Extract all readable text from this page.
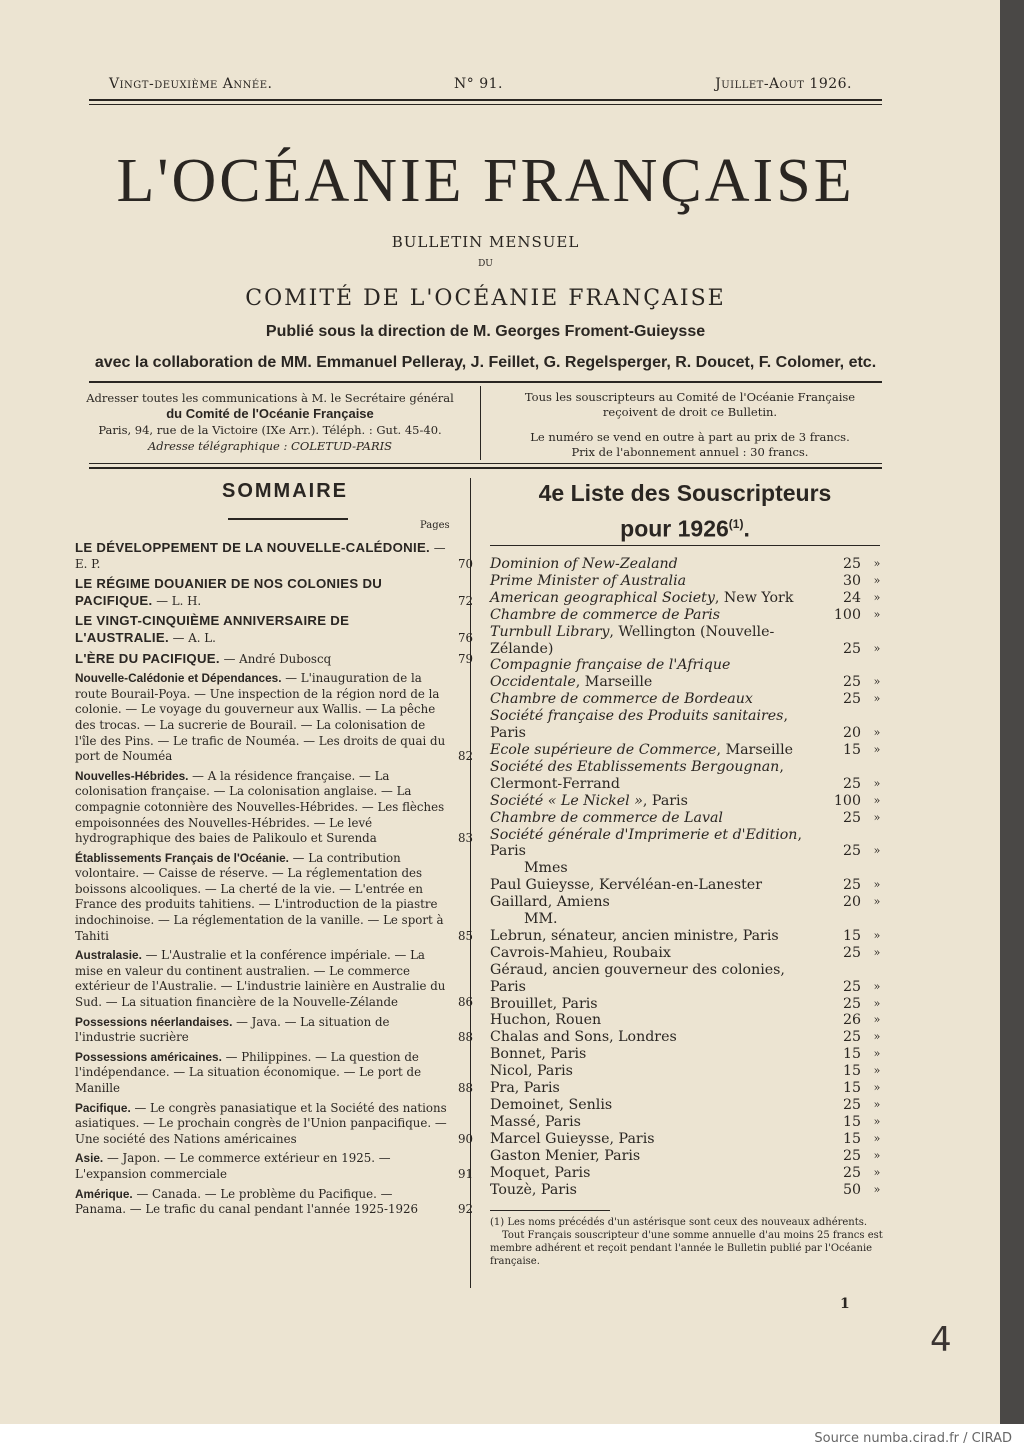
Vingt-deuxième Année.	N° 91.	Juillet-Aout 1926.
L'OCÉANIE FRANÇAISE
BULLETIN MENSUEL
DU
COMITÉ DE L'OCÉANIE FRANÇAISE
Publié sous la direction de M. Georges Froment-Guieysse
avec la collaboration de MM. Emmanuel Pelleray, J. Feillet, G. Regelsperger, R. Doucet, F. Colomer, etc.
Adresser toutes les communications à M. le Secrétaire général
du Comité de l'Océanie Française
Paris, 94, rue de la Victoire (IXe Arr.). Téléph. : Gut. 45-40.
Adresse télégraphique : COLETUD-PARIS
Tous les souscripteurs au Comité de l'Océanie Française
reçoivent de droit ce Bulletin.
Le numéro se vend en outre à part au prix de 3 francs.
Prix de l'abonnement annuel : 30 francs.
SOMMAIRE
Pages
LE DÉVELOPPEMENT DE LA NOUVELLE-CALÉDONIE. — E. P.	70
LE RÉGIME DOUANIER DE NOS COLONIES DU PACIFIQUE. — L. H.	72
LE VINGT-CINQUIÈME ANNIVERSAIRE DE L'AUSTRALIE. — A. L.	76
L'ÈRE DU PACIFIQUE. — André Duboscq	79
Nouvelle-Calédonie et Dépendances. — L'inauguration de la route Bourail-Poya. — Une inspection de la région nord de la colonie. — Le voyage du gouverneur aux Wallis. — La pêche des trocas. — La sucrerie de Bourail. — La colonisation de l'île des Pins. — Le trafic de Nouméa. — Les droits de quai du port de Nouméa	82
Nouvelles-Hébrides. — A la résidence française. — La colonisation française. — La colonisation anglaise. — La compagnie cotonnière des Nouvelles-Hébrides. — Les flèches empoisonnées des Nouvelles-Hébrides. — Le levé hydrographique des baies de Palikoulo et Surenda	83
Établissements Français de l'Océanie. — La contribution volontaire. — Caisse de réserve. — La réglementation des boissons alcooliques. — La cherté de la vie. — L'entrée en France des produits tahitiens. — L'introduction de la piastre indochinoise. — La réglementation de la vanille. — Le sport à Tahiti	85
Australasie. — L'Australie et la conférence impériale. — La mise en valeur du continent australien. — Le commerce extérieur de l'Australie. — L'industrie lainière en Australie du Sud. — La situation financière de la Nouvelle-Zélande	86
Possessions néerlandaises. — Java. — La situation de l'industrie sucrière	88
Possessions américaines. — Philippines. — La question de l'indépendance. — La situation économique. — Le port de Manille	88
Pacifique. — Le congrès panasiatique et la Société des nations asiatiques. — Le prochain congrès de l'Union panpacifique. — Une société des Nations américaines	90
Asie. — Japon. — Le commerce extérieur en 1925. — L'expansion commerciale	91
Amérique. — Canada. — Le problème du Pacifique. — Panama. — Le trafic du canal pendant l'année 1925-1926	92
4e Liste des Souscripteurs
pour 1926$^{(1)}$.
Dominion of New-Zealand	25	»
Prime Minister of Australia	30	»
American geographical Society, New York	24	»
Chambre de commerce de Paris	100	»
Turnbull Library, Wellington (Nouvelle-Zélande)	25	»
Compagnie française de l'Afrique Occidentale, Marseille	25	»
Chambre de commerce de Bordeaux	25	»
Société française des Produits sanitaires, Paris	20	»
Ecole supérieure de Commerce, Marseille	15	»
Société des Etablissements Bergougnan, Clermont-Ferrand	25	»
Société « Le Nickel », Paris	100	»
Chambre de commerce de Laval	25	»
Société générale d'Imprimerie et d'Edition, Paris	25	»
Mmes
Paul Guieysse, Kervéléan-en-Lanester	25	»
Gaillard, Amiens	20	»
MM.
Lebrun, sénateur, ancien ministre, Paris	15	»
Cavrois-Mahieu, Roubaix	25	»
Géraud, ancien gouverneur des colonies, Paris	25	»
Brouillet, Paris	25	»
Huchon, Rouen	26	»
Chalas and Sons, Londres	25	»
Bonnet, Paris	15	»
Nicol, Paris	15	»
Pra, Paris	15	»
Demoinet, Senlis	25	»
Massé, Paris	15	»
Marcel Guieysse, Paris	15	»
Gaston Menier, Paris	25	»
Moquet, Paris	25	»
Touzè, Paris	50	»
(1) Les noms précédés d'un astérisque sont ceux des nouveaux adhérents.
Tout Français souscripteur d'une somme annuelle d'au moins 25 francs est membre adhérent et reçoit pendant l'année le Bulletin publié par l'Océanie française.
1
4
Source numba.cirad.fr / CIRAD
